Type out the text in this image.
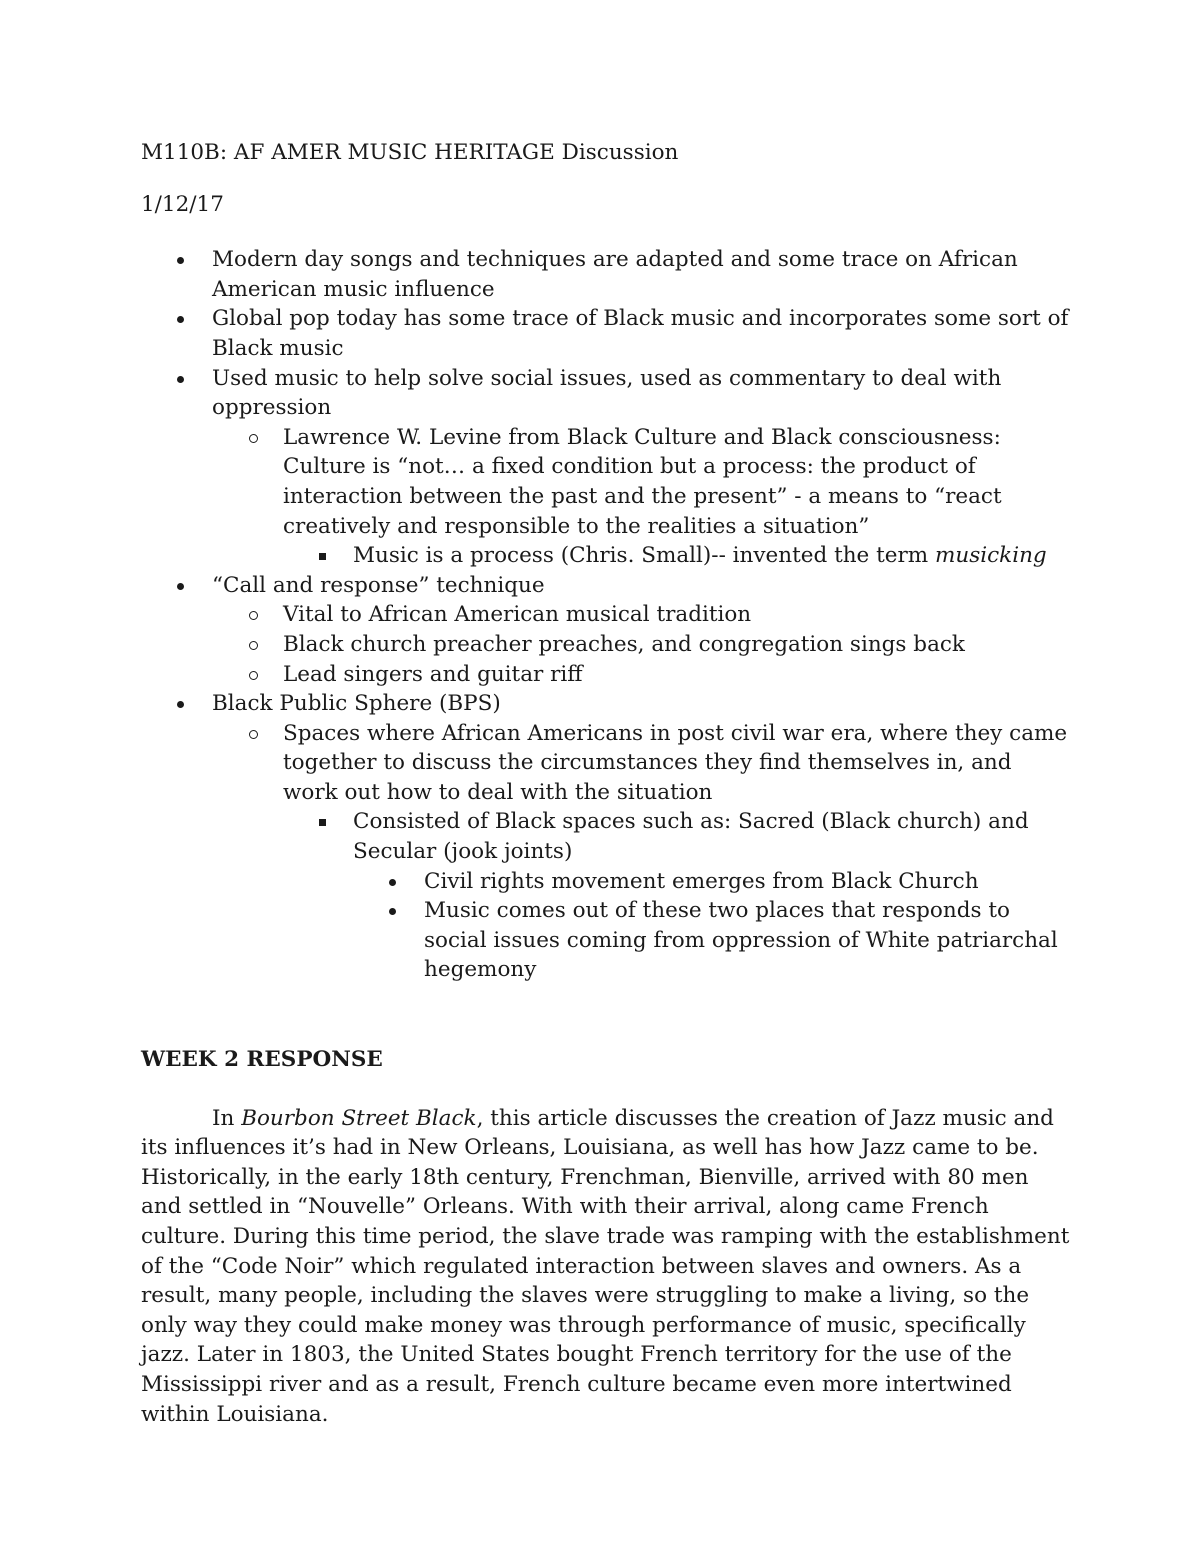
M110B: AF AMER MUSIC HERITAGE Discussion

1/12/17
Modern day songs and techniques are adapted and some trace on African American music influence
Global pop today has some trace of Black music and incorporates some sort of Black music
Used music to help solve social issues, used as commentary to deal with oppression
Lawrence W. Levine from Black Culture and Black consciousness: Culture is “not… a fixed condition but a process: the product of interaction between the past and the present” - a means to “react creatively and responsible to the realities a situation”
Music is a process (Chris. Small)-- invented the term musicking
“Call and response” technique
Vital to African American musical tradition
Black church preacher preaches, and congregation sings back
Lead singers and guitar riff
Black Public Sphere (BPS)
Spaces where African Americans in post civil war era, where they came together to discuss the circumstances they find themselves in, and work out how to deal with the situation
Consisted of Black spaces such as: Sacred (Black church) and Secular (jook joints)
Civil rights movement emerges from Black Church
Music comes out of these two places that responds to social issues coming from oppression of White patriarchal hegemony
WEEK 2 RESPONSE

In Bourbon Street Black, this article discusses the creation of Jazz music and its influences it’s had in New Orleans, Louisiana, as well has how Jazz came to be. Historically, in the early 18th century, Frenchman, Bienville, arrived with 80 men and settled in “Nouvelle” Orleans. With with their arrival, along came French culture. During this time period, the slave trade was ramping with the establishment of the “Code Noir” which regulated interaction between slaves and owners. As a result, many people, including the slaves were struggling to make a living, so the only way they could make money was through performance of music, specifically jazz. Later in 1803, the United States bought French territory for the use of the Mississippi river and as a result, French culture became even more intertwined within Louisiana.
